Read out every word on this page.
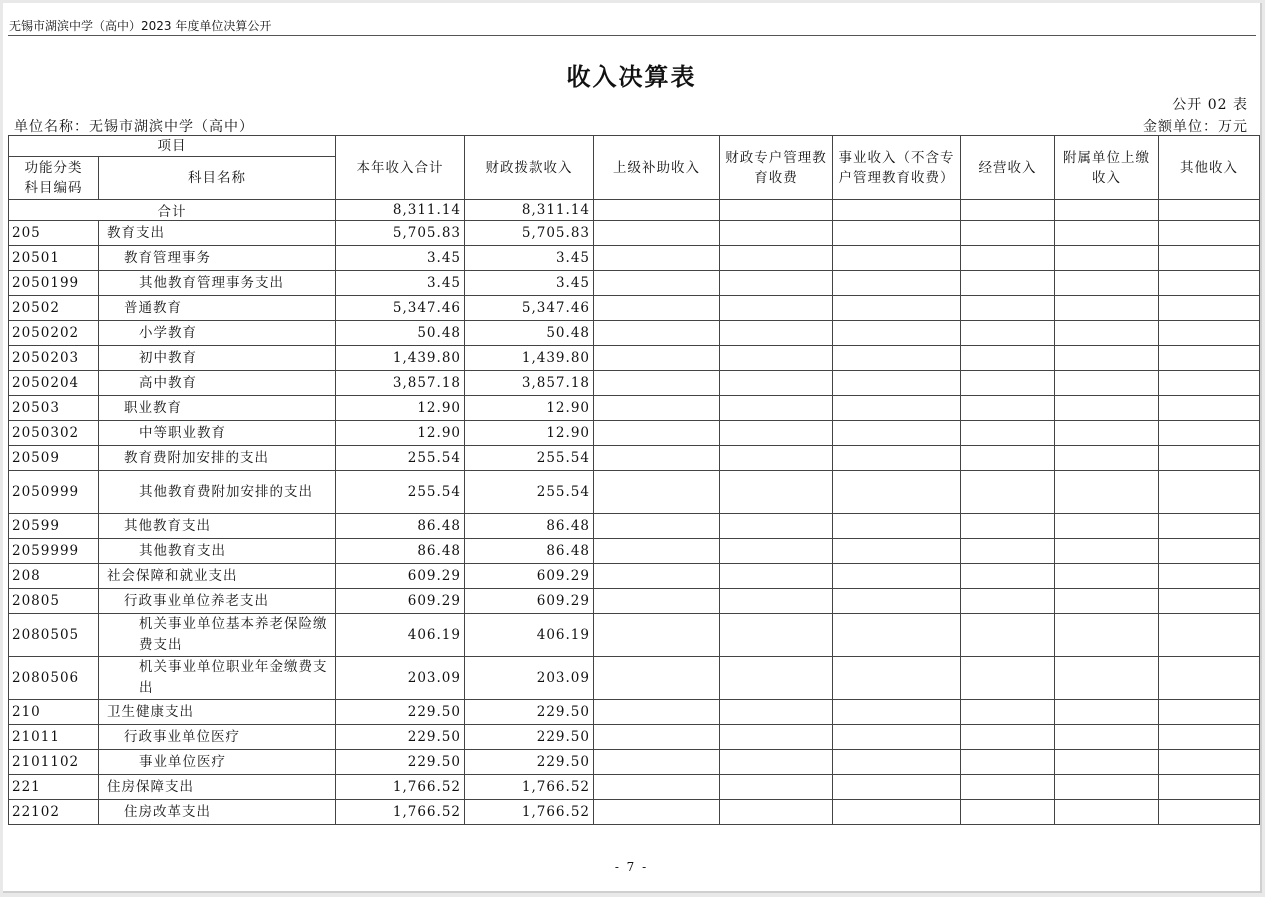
无锡市湖滨中学（高中）2023 年度单位决算公开
收入决算表
公开 02 表
单位名称：无锡市湖滨中学（高中）	金额单位：万元
项目		本年收入合计	财政拨款收入	上级补助收入	财政专户管理教育收费	事业收入（不含专户管理教育收费）	经营收入	附属单位上缴收入	其他收入
功能分类
科目编码	科目名称								
合计		8,311.14	8,311.14						
205	教育支出	5,705.83	5,705.83						
20501	教育管理事务	3.45	3.45						
2050199	其他教育管理事务支出	3.45	3.45						
20502	普通教育	5,347.46	5,347.46						
2050202	小学教育	50.48	50.48						
2050203	初中教育	1,439.80	1,439.80						
2050204	高中教育	3,857.18	3,857.18						
20503	职业教育	12.90	12.90						
2050302	中等职业教育	12.90	12.90						
20509	教育费附加安排的支出	255.54	255.54						
2050999	其他教育费附加安排的支出	255.54	255.54						
20599	其他教育支出	86.48	86.48						
2059999	其他教育支出	86.48	86.48						
208	社会保障和就业支出	609.29	609.29						
20805	行政事业单位养老支出	609.29	609.29						
2080505	机关事业单位基本养老保险缴费支出	406.19	406.19						
2080506	机关事业单位职业年金缴费支出	203.09	203.09						
210	卫生健康支出	229.50	229.50						
21011	行政事业单位医疗	229.50	229.50						
2101102	事业单位医疗	229.50	229.50						
221	住房保障支出	1,766.52	1,766.52						
22102	住房改革支出	1,766.52	1,766.52						
- 7 -
